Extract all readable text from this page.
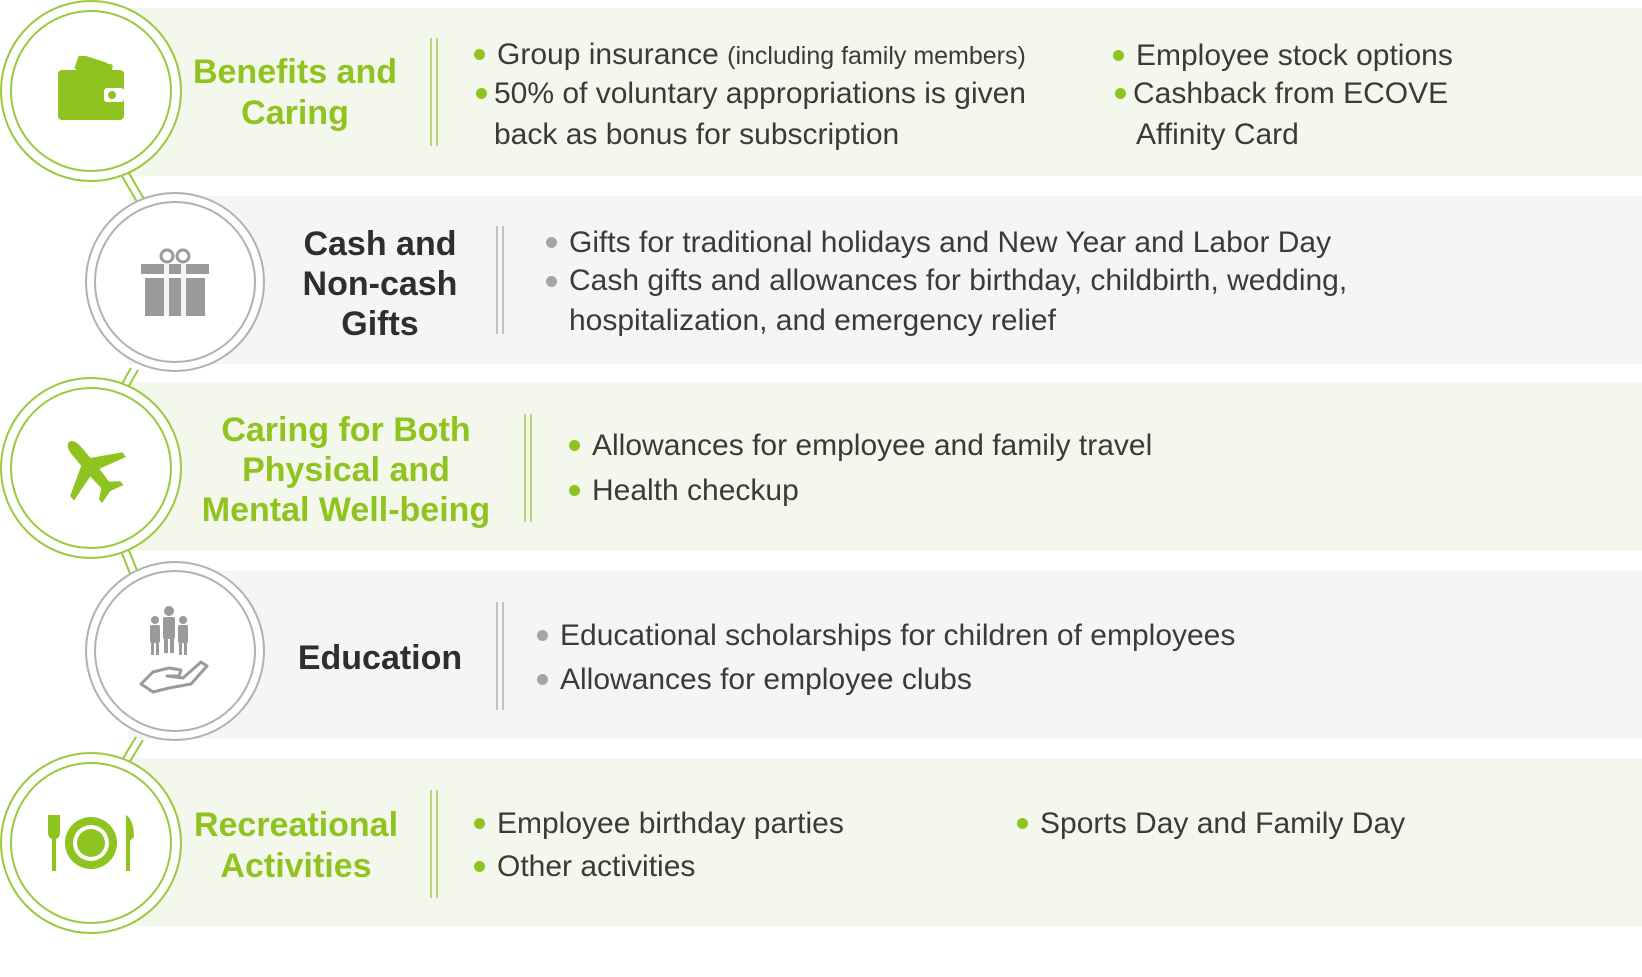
Benefits and
Caring
Group insurance (including family members)	Employee stock options
50% of voluntary appropriations is given
back as bonus for subscription
Cashback from ECOVE
Affinity Card
Cash and
Non-cash
Gifts
Gifts for traditional holidays and New Year and Labor Day
Cash gifts and allowances for birthday, childbirth, wedding,
hospitalization, and emergency relief
Caring for Both
Physical and
Mental Well-being
Allowances for employee and family travel
Health checkup
Education
Educational scholarships for children of employees
Allowances for employee clubs
Recreational
Activities
Employee birthday parties	Sports Day and Family Day
Other activities
